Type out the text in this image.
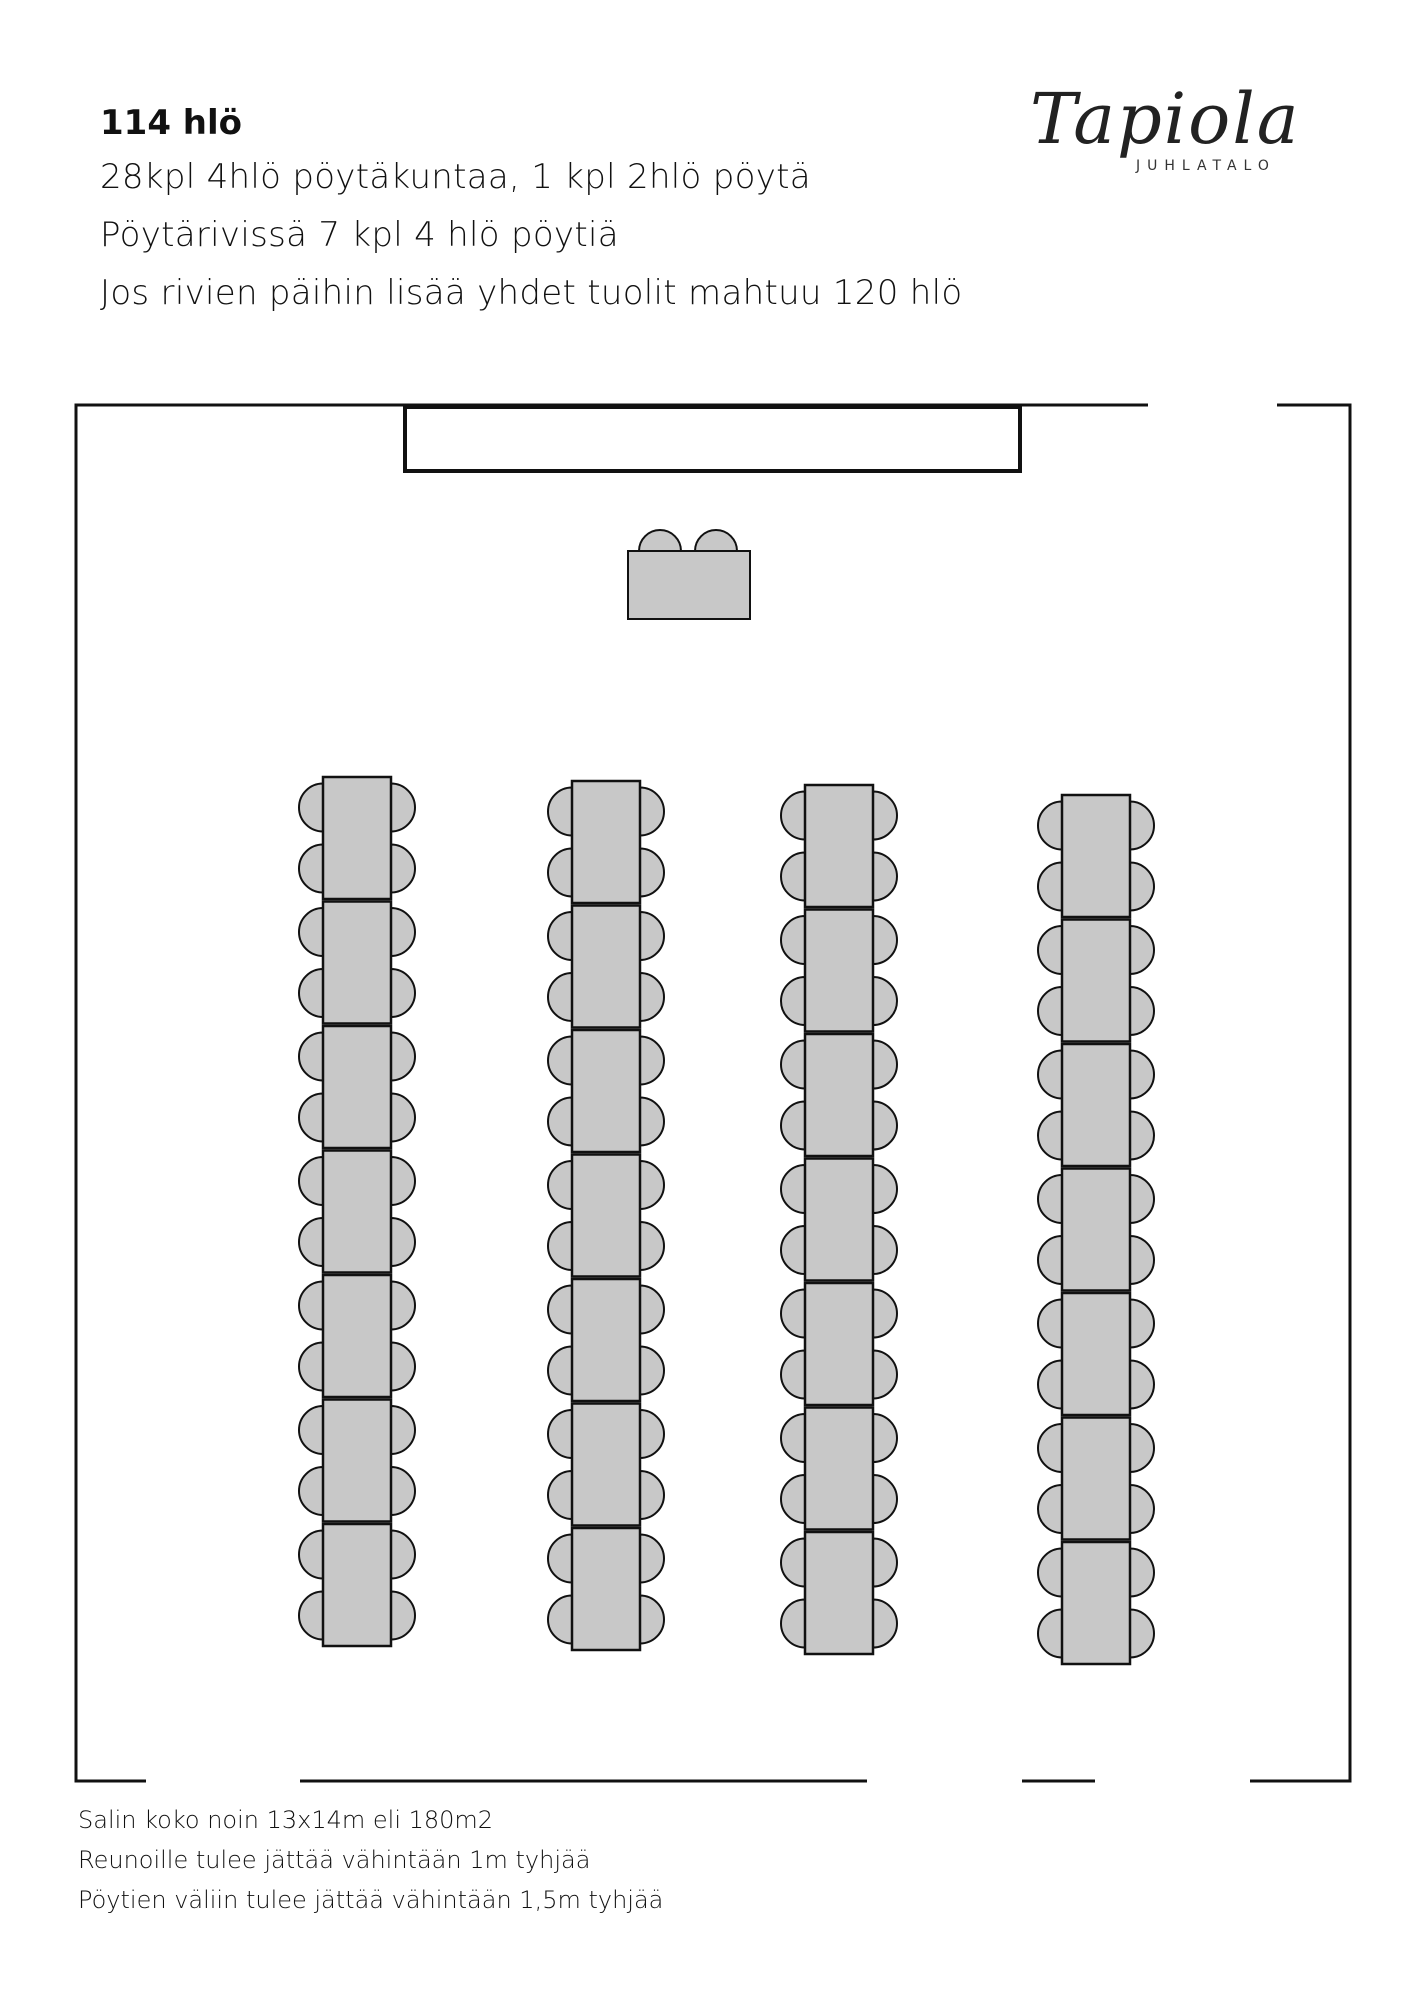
114 hlö
28kpl 4hlö pöytäkuntaa, 1 kpl 2hlö pöytä
Pöytärivissä 7 kpl 4 hlö pöytiä
Jos rivien päihin lisää yhdet tuolit mahtuu 120 hlö
Tapiola
JUHLATALO
Salin koko noin 13x14m eli 180m2
Reunoille tulee jättää vähintään 1m tyhjää
Pöytien väliin tulee jättää vähintään 1,5m tyhjää
